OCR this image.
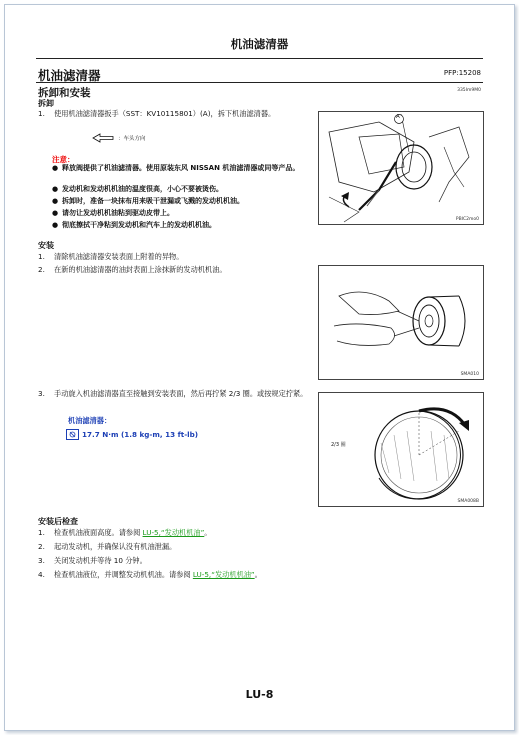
机油滤清器
机油滤清器	PFP:15208
拆卸和安装	335Im9M0
拆卸
1.	使用机油滤清器扳手（SST：KV10115801）(A)，拆下机油滤清器。
：车头方向
注意：
● 释放阀提供了机油滤清器。使用原装东风 NISSAN 机油滤清器或同等产品。
● 发动机和发动机机油的温度很高，小心不要被烫伤。
● 拆卸时，准备一块抹布用来吸干泄漏或飞溅的发动机机油。
● 请勿让发动机机油粘到驱动皮带上。
● 彻底擦拭干净粘到发动机和汽车上的发动机机油。
A
PBIC2mo0
安装
1.	清除机油滤清器安装表面上附着的异物。
2.	在新的机油滤清器的油封表面上涂抹新的发动机机油。
SMA010
3.	手动旋入机油滤清器直至接触到安装表面，然后再拧紧 2/3 圈。或按规定拧紧。
机油滤清器：
17.7 N·m (1.8 kg-m, 13 ft-lb)
2/3 圈
SMA008B
安装后检查
1.	检查机油液面高度。请参阅 LU-5,“发动机机油”。
2.	起动发动机，并确保认没有机油泄漏。
3.	关闭发动机并等待 10 分钟。
4.	检查机油液位，并调整发动机机油。请参阅 LU-5,“发动机机油”。
LU-8
